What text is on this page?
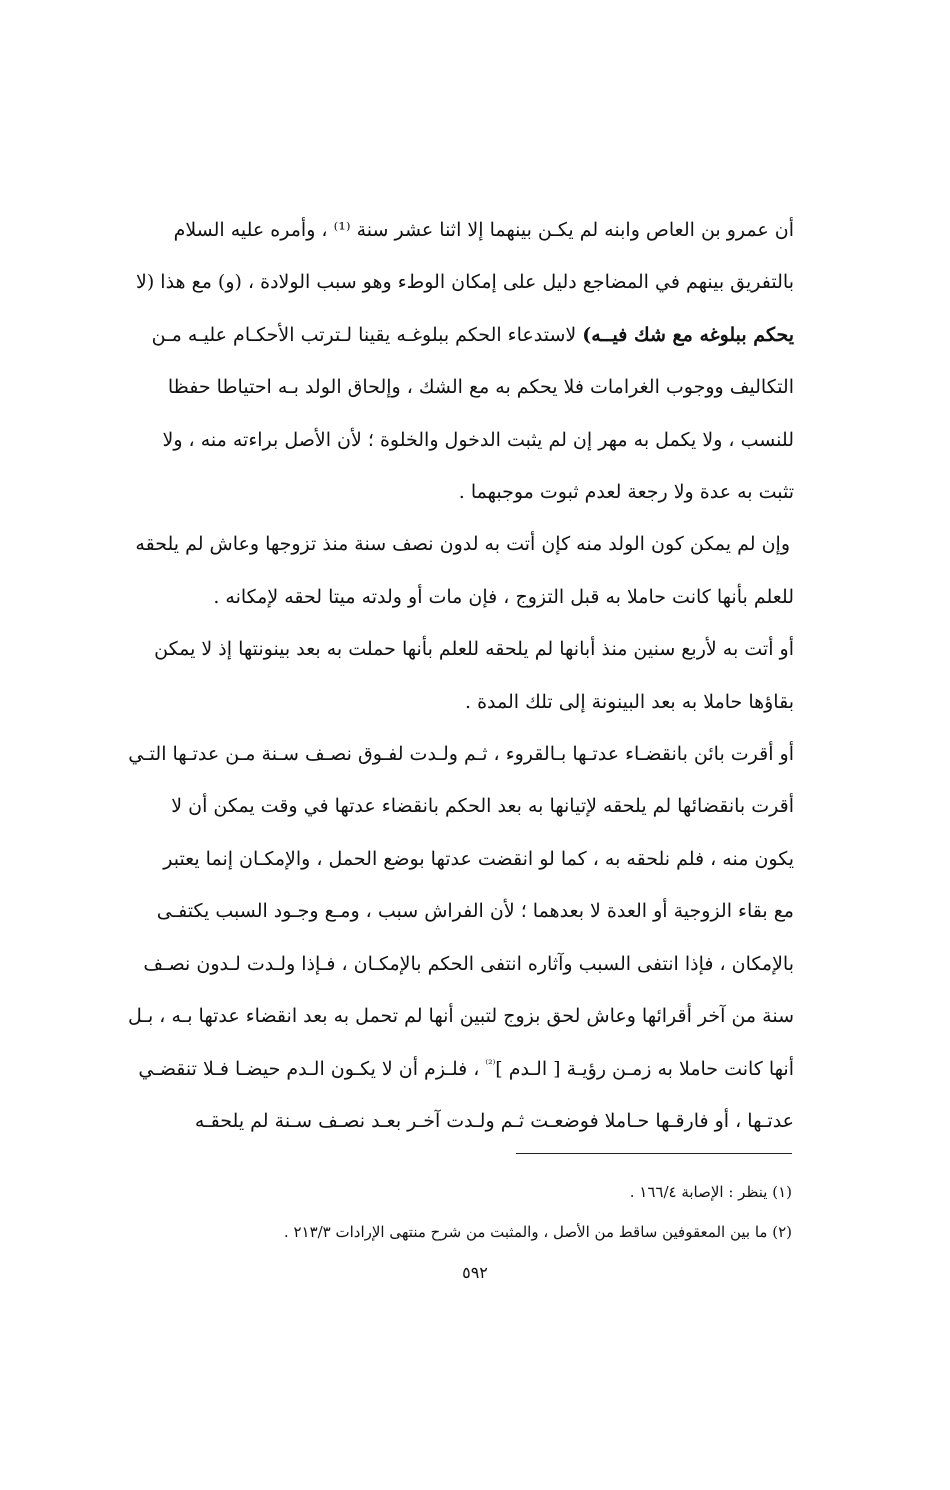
أن عمرو بن العاص وابنه لم يكـن بينهما إلا اثنا عشر سنة ⁽¹⁾ ، وأمره عليه السلام
بالتفريق بينهم في المضاجع دليل على إمكان الوطء وهو سبب الولادة ، (و) مع هذا (لا
يحكم ببلوغه مع شك فيــه) لاستدعاء الحكم ببلوغـه يقينا لـترتب الأحكـام عليـه مـن
التكاليف ووجوب الغرامات فلا يحكم به مع الشك ، وإلحاق الولد بـه احتياطا حفظا
للنسب ، ولا يكمل به مهر إن لم يثبت الدخول والخلوة ؛ لأن الأصل براءته منه ، ولا
تثبت به عدة ولا رجعة لعدم ثبوت موجبهما .
وإن لم يمكن كون الولد منه كإن أتت به لدون نصف سنة منذ تزوجها وعاش لم يلحقه
للعلم بأنها كانت حاملا به قبل التزوج ، فإن مات أو ولدته ميتا لحقه لإمكانه .
أو أتت به لأربع سنين منذ أبانها لم يلحقه للعلم بأنها حملت به بعد بينونتها إذ لا يمكن
بقاؤها حاملا به بعد البينونة إلى تلك المدة .
أو أقرت بائن بانقضـاء عدتـها بـالقروء ، ثـم ولـدت لفـوق نصـف سـنة مـن عدتـها التـي
أقرت بانقضائها لم يلحقه لإتيانها به بعد الحكم بانقضاء عدتها في وقت يمكن أن لا
يكون منه ، فلم نلحقه به ، كما لو انقضت عدتها بوضع الحمل ، والإمكـان إنما يعتبر
مع بقاء الزوجية أو العدة لا بعدهما ؛ لأن الفراش سبب ، ومـع وجـود السبب يكتفـى
بالإمكان ، فإذا انتفى السبب وآثاره انتفى الحكم بالإمكـان ، فـإذا ولـدت لـدون نصـف
سنة من آخر أقرائها وعاش لحق بزوج لتبين أنها لم تحمل به بعد انقضاء عدتها بـه ، بـل
أنها كانت حاملا به زمـن رؤيـة [ الـدم ]$^{^{(2)}}$ ، فلـزم أن لا يكـون الـدم حيضـا فـلا تنقضـي
عدتـها ، أو فارقـها حـاملا فوضعـت ثـم ولـدت آخـر بعـد نصـف سـنة لم يلحقـه
(١) ينظر : الإصابة ١٦٦/٤ .
(٢) ما بين المعقوفين ساقط من الأصل ، والمثبت من شرح منتهى الإرادات ٢١٣/٣ .
٥٩٢
